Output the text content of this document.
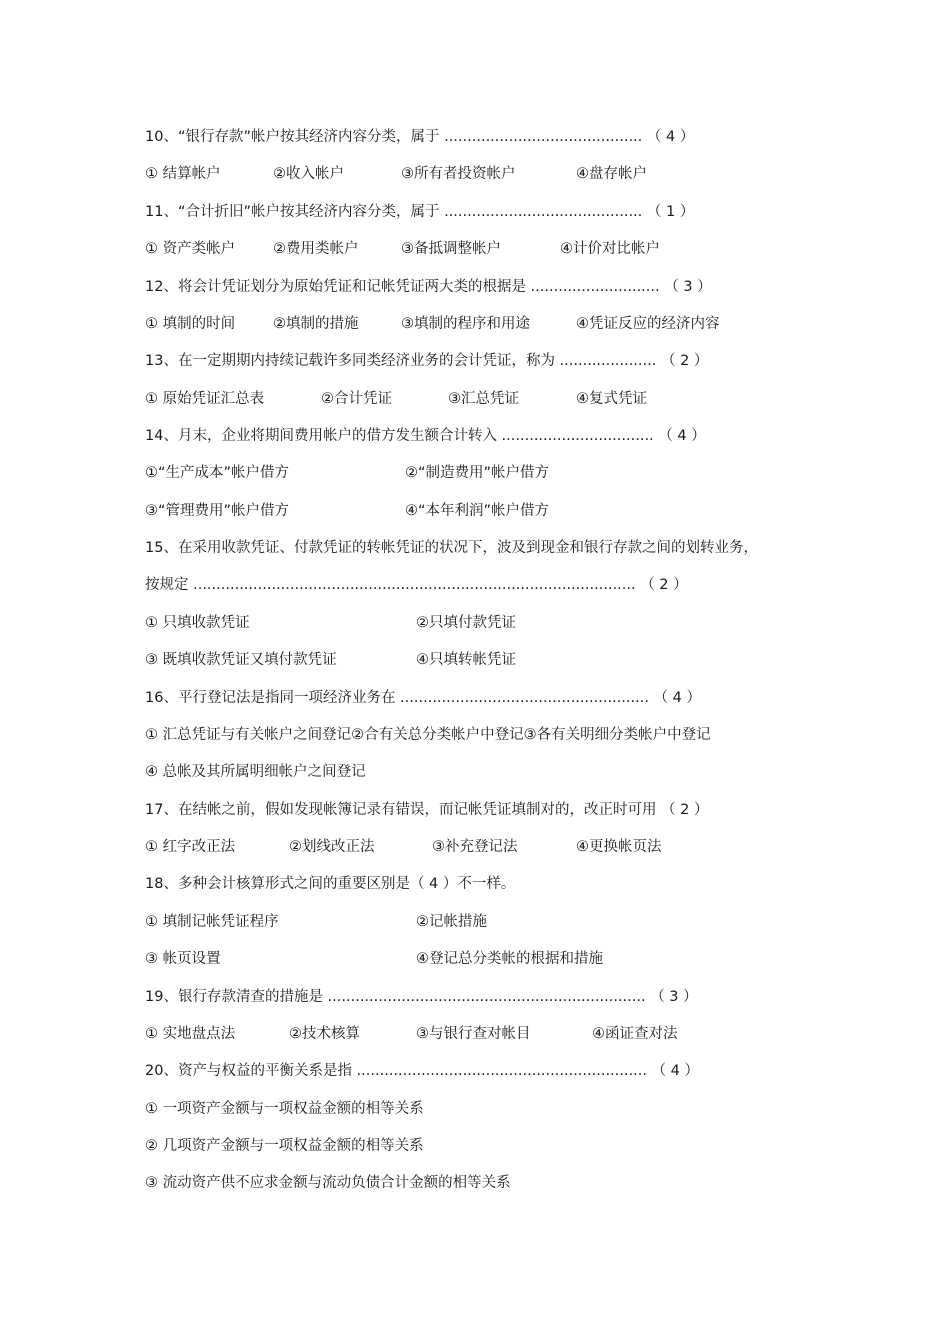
10、“银行存款”帐户按其经济内容分类，属于 ........................................... （ 4 ）
① 结算帐户	②收入帐户	③所有者投资帐户	④盘存帐户
11、“合计折旧”帐户按其经济内容分类，属于 ........................................... （ 1 ）
① 资产类帐户	②费用类帐户	③备抵调整帐户	④计价对比帐户
12、将会计凭证划分为原始凭证和记帐凭证两大类的根据是 ............................ （ 3 ）
① 填制的时间	②填制的措施	③填制的程序和用途	④凭证反应的经济内容
13、在一定期期内持续记载许多同类经济业务的会计凭证，称为 ..................... （ 2 ）
① 原始凭证汇总表	②合计凭证	③汇总凭证	④复式凭证
14、月末，企业将期间费用帐户的借方发生额合计转入 ................................. （ 4 ）
①“生产成本”帐户借方	②“制造费用”帐户借方
③“管理费用”帐户借方	④“本年利润”帐户借方
15、在采用收款凭证、付款凭证的转帐凭证的状况下，波及到现金和银行存款之间的划转业务，
按规定 ................................................................................................ （ 2 ）
① 只填收款凭证	②只填付款凭证
③ 既填收款凭证又填付款凭证	④只填转帐凭证
16、平行登记法是指同一项经济业务在 ...................................................... （ 4 ）
① 汇总凭证与有关帐户之间登记②合有关总分类帐户中登记③各有关明细分类帐户中登记
④ 总帐及其所属明细帐户之间登记
17、在结帐之前，假如发现帐簿记录有错误，而记帐凭证填制对的，改正时可用 （ 2 ）
① 红字改正法	②划线改正法	③补充登记法	④更换帐页法
18、多种会计核算形式之间的重要区别是（ 4 ）不一样。
① 填制记帐凭证程序	②记帐措施
③ 帐页设置	④登记总分类帐的根据和措施
19、银行存款清查的措施是 ..................................................................... （ 3 ）
① 实地盘点法	②技术核算	③与银行查对帐目	④函证查对法
20、资产与权益的平衡关系是指 ............................................................... （ 4 ）
① 一项资产金额与一项权益金额的相等关系
② 几项资产金额与一项权益金额的相等关系
③ 流动资产供不应求金额与流动负债合计金额的相等关系
